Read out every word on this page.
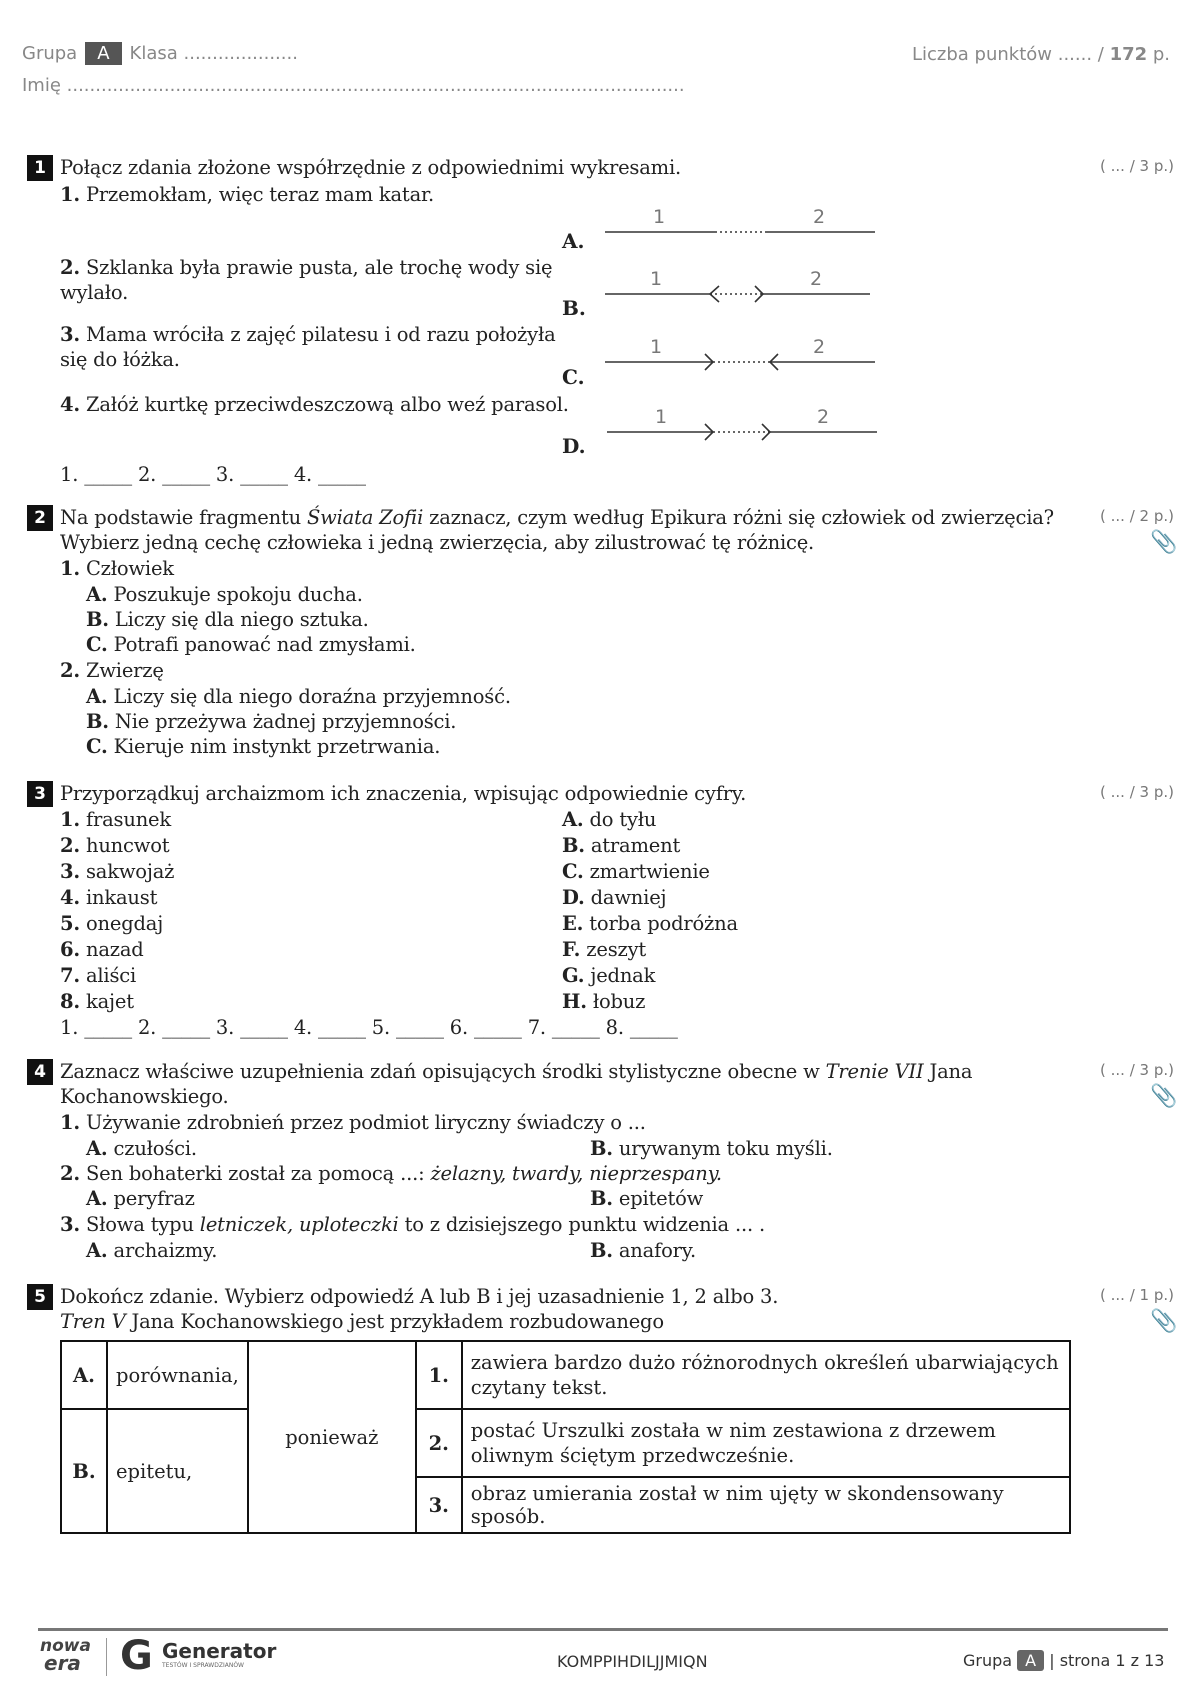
Grupa A Klasa ....................
Imię ............................................................................................................
Liczba punktów ...... / 172 p.
1 Połącz zdania złożone współrzędnie z odpowiednimi wykresami.	( ... / 3 p.)
1. Przemokłam, więc teraz mam katar.
2. Szklanka była prawie pusta, ale trochę wody się
wylało.
3. Mama wróciła z zajęć pilatesu i od razu położyła
się do łóżka.
4. Załóż kurtkę przeciwdeszczową albo weź parasol.
A.
B.
C.
D.
1	2
1	2
1	2
1	2
1. _____ 2. _____ 3. _____ 4. _____
2 Na podstawie fragmentu Świata Zofii zaznacz, czym według Epikura różni się człowiek od zwierzęcia?
Wybierz jedną cechę człowieka i jedną zwierzęcia, aby zilustrować tę różnicę.
( ... / 2 p.)
📎
1. Człowiek
A. Poszukuje spokoju ducha.
B. Liczy się dla niego sztuka.
C. Potrafi panować nad zmysłami.
2. Zwierzę
A. Liczy się dla niego doraźna przyjemność.
B. Nie przeżywa żadnej przyjemności.
C. Kieruje nim instynkt przetrwania.
3 Przyporządkuj archaizmom ich znaczenia, wpisując odpowiednie cyfry.	( ... / 3 p.)
1. frasunek
2. huncwot
3. sakwojaż
4. inkaust
5. onegdaj
6. nazad
7. aliści
8. kajet
A. do tyłu
B. atrament
C. zmartwienie
D. dawniej
E. torba podróżna
F. zeszyt
G. jednak
H. łobuz
1. _____ 2. _____ 3. _____ 4. _____ 5. _____ 6. _____ 7. _____ 8. _____
4 Zaznacz właściwe uzupełnienia zdań opisujących środki stylistyczne obecne w Trenie VII Jana
Kochanowskiego.
( ... / 3 p.)
📎
1. Używanie zdrobnień przez podmiot liryczny świadczy o ...
A. czułości.	B. urywanym toku myśli.
2. Sen bohaterki został za pomocą ...: żelazny, twardy, nieprzespany.
A. peryfraz	B. epitetów
3. Słowa typu letniczek, uploteczki to z dzisiejszego punktu widzenia ... .
A. archaizmy.	B. anafory.
5 Dokończ zdanie. Wybierz odpowiedź A lub B i jej uzasadnienie 1, 2 albo 3.
Tren V Jana Kochanowskiego jest przykładem rozbudowanego
( ... / 1 p.)
📎
A.	porównania,	ponieważ	1.	zawiera bardzo dużo różnorodnych określeń ubarwiających czytany tekst.
B.	epitetu,		2.	postać Urszulki została w nim zestawiona z drzewem oliwnym ściętym przedwcześnie.
			3.	obraz umierania został w nim ujęty w skondensowany sposób.
nowa
era G Generator
TESTÓW I SPRAWDZIANÓW	KOMPPIHDILJJMIQN	Grupa A | strona 1 z 13
